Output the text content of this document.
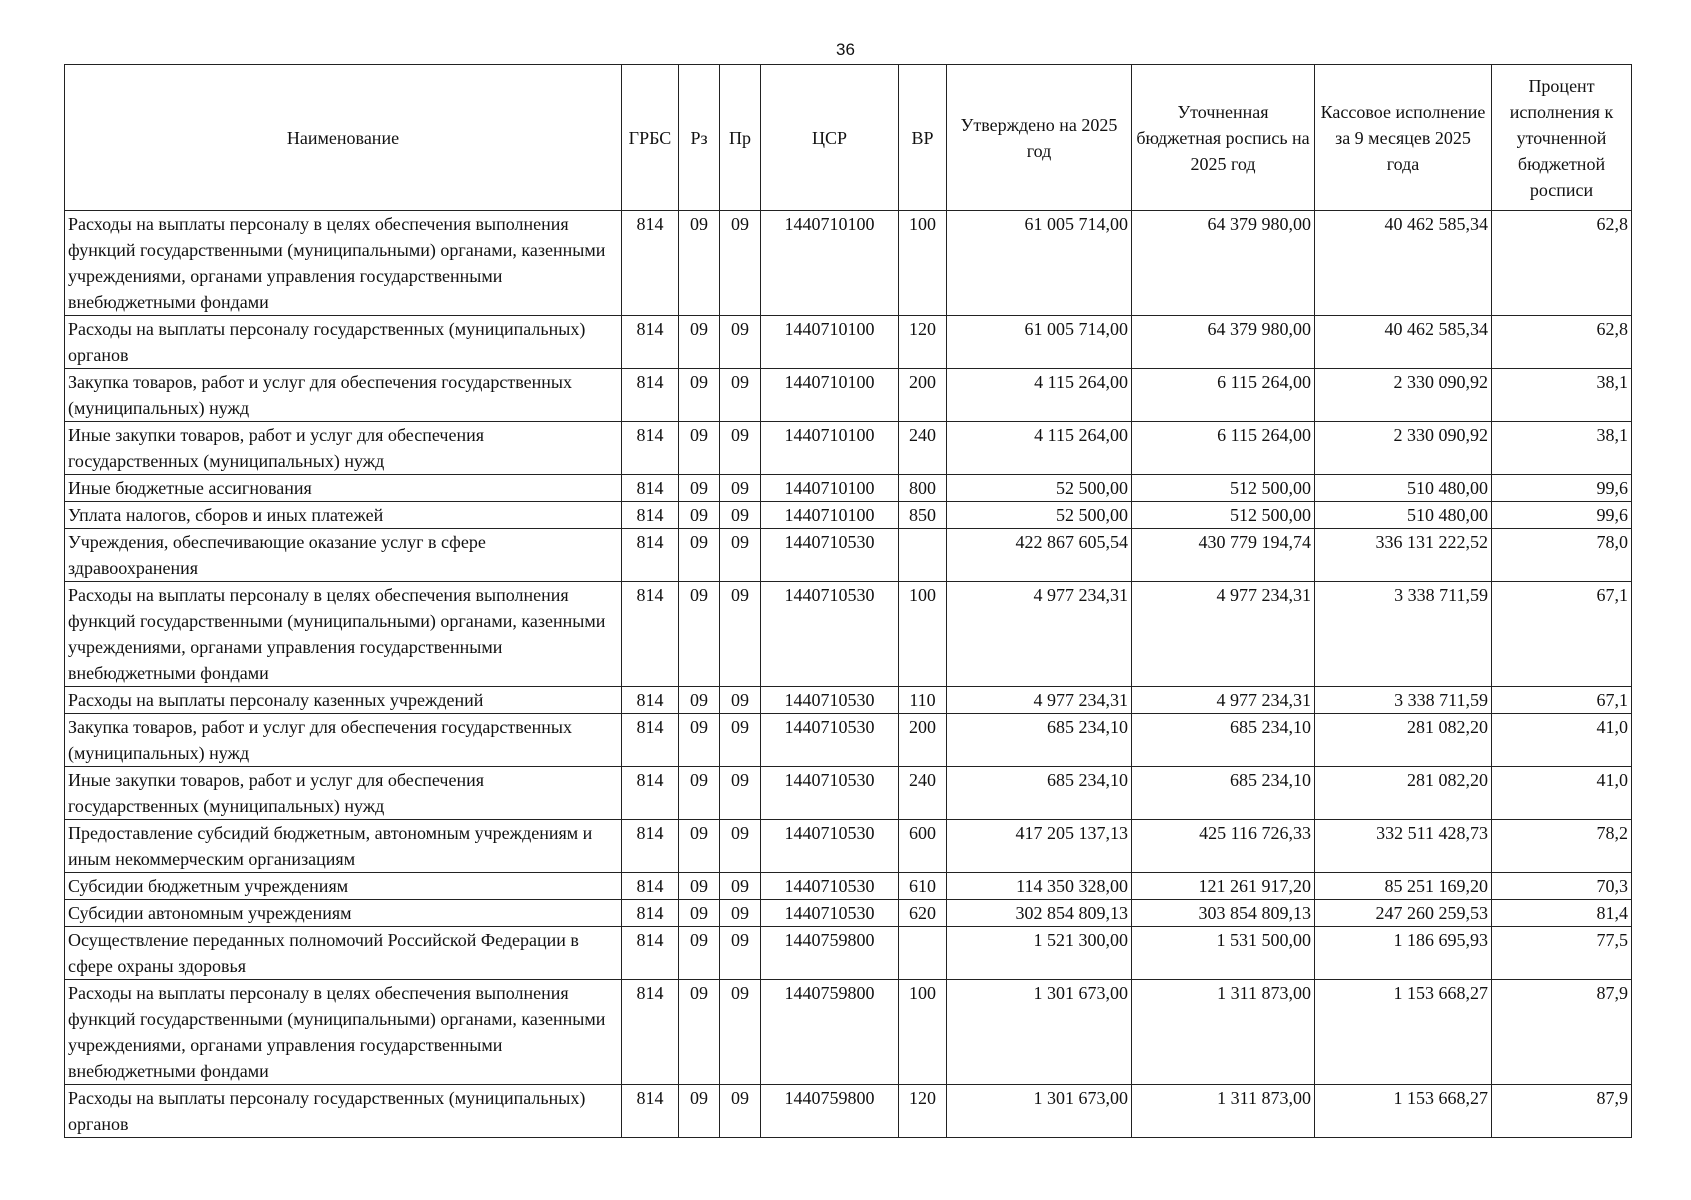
36
Наименование	ГРБС	Рз	Пр	ЦСР	ВР	Утверждено на 2025 год	Уточненная бюджетная роспись на 2025 год	Кассовое исполнение за 9 месяцев 2025 года	Процент исполнения к уточненной бюджетной росписи
Расходы на выплаты персоналу в целях обеспечения выполнения функций государственными (муниципальными) органами, казенными учреждениями, органами управления государственными внебюджетными фондами	814	09	09	1440710100	100	61 005 714,00	64 379 980,00	40 462 585,34	62,8
Расходы на выплаты персоналу государственных (муниципальных) органов	814	09	09	1440710100	120	61 005 714,00	64 379 980,00	40 462 585,34	62,8
Закупка товаров, работ и услуг для обеспечения государственных (муниципальных) нужд	814	09	09	1440710100	200	4 115 264,00	6 115 264,00	2 330 090,92	38,1
Иные закупки товаров, работ и услуг для обеспечения государственных (муниципальных) нужд	814	09	09	1440710100	240	4 115 264,00	6 115 264,00	2 330 090,92	38,1
Иные бюджетные ассигнования	814	09	09	1440710100	800	52 500,00	512 500,00	510 480,00	99,6
Уплата налогов, сборов и иных платежей	814	09	09	1440710100	850	52 500,00	512 500,00	510 480,00	99,6
Учреждения, обеспечивающие оказание услуг в сфере здравоохранения	814	09	09	1440710530		422 867 605,54	430 779 194,74	336 131 222,52	78,0
Расходы на выплаты персоналу в целях обеспечения выполнения функций государственными (муниципальными) органами, казенными учреждениями, органами управления государственными внебюджетными фондами	814	09	09	1440710530	100	4 977 234,31	4 977 234,31	3 338 711,59	67,1
Расходы на выплаты персоналу казенных учреждений	814	09	09	1440710530	110	4 977 234,31	4 977 234,31	3 338 711,59	67,1
Закупка товаров, работ и услуг для обеспечения государственных (муниципальных) нужд	814	09	09	1440710530	200	685 234,10	685 234,10	281 082,20	41,0
Иные закупки товаров, работ и услуг для обеспечения государственных (муниципальных) нужд	814	09	09	1440710530	240	685 234,10	685 234,10	281 082,20	41,0
Предоставление субсидий бюджетным, автономным учреждениям и иным некоммерческим организациям	814	09	09	1440710530	600	417 205 137,13	425 116 726,33	332 511 428,73	78,2
Субсидии бюджетным учреждениям	814	09	09	1440710530	610	114 350 328,00	121 261 917,20	85 251 169,20	70,3
Субсидии автономным учреждениям	814	09	09	1440710530	620	302 854 809,13	303 854 809,13	247 260 259,53	81,4
Осуществление переданных полномочий Российской Федерации в сфере охраны здоровья	814	09	09	1440759800		1 521 300,00	1 531 500,00	1 186 695,93	77,5
Расходы на выплаты персоналу в целях обеспечения выполнения функций государственными (муниципальными) органами, казенными учреждениями, органами управления государственными внебюджетными фондами	814	09	09	1440759800	100	1 301 673,00	1 311 873,00	1 153 668,27	87,9
Расходы на выплаты персоналу государственных (муниципальных) органов	814	09	09	1440759800	120	1 301 673,00	1 311 873,00	1 153 668,27	87,9
